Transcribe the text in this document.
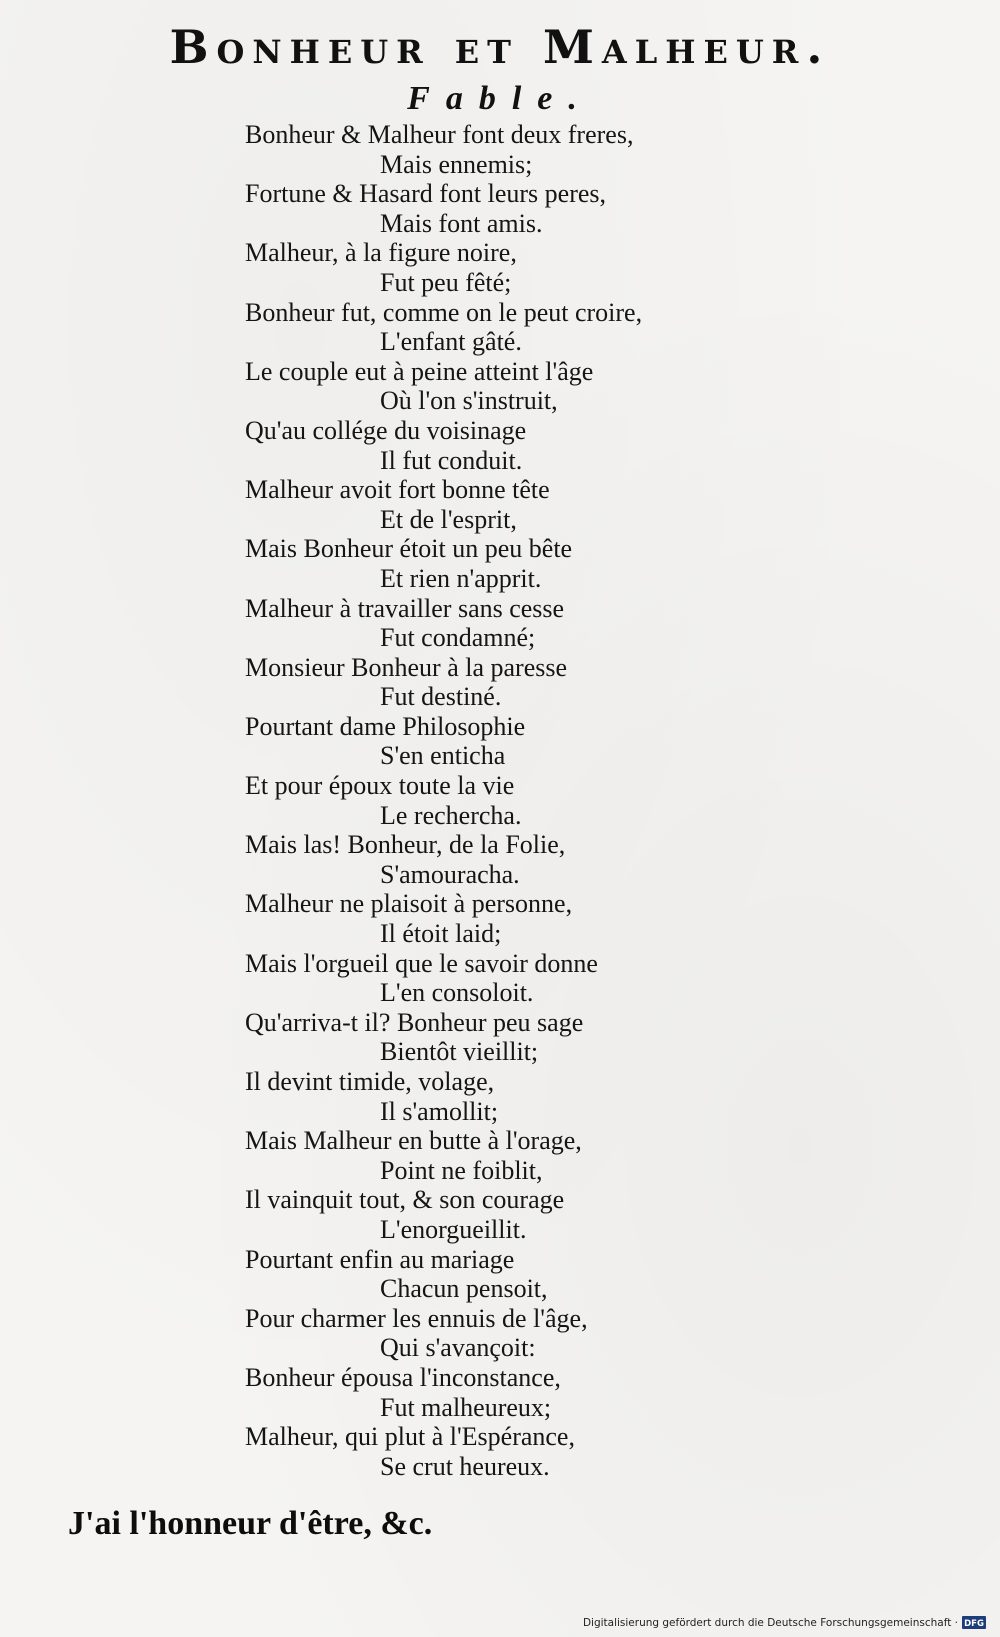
Bonheur et Malheur.
Fable.
Bonheur & Malheur font deux freres,
Mais ennemis;
Fortune & Hasard font leurs peres,
Mais font amis.
Malheur, à la figure noire,
Fut peu fêté;
Bonheur fut, comme on le peut croire,
L'enfant gâté.
Le couple eut à peine atteint l'âge
Où l'on s'instruit,
Qu'au collége du voisinage
Il fut conduit.
Malheur avoit fort bonne tête
Et de l'esprit,
Mais Bonheur étoit un peu bête
Et rien n'apprit.
Malheur à travailler sans cesse
Fut condamné;
Monsieur Bonheur à la paresse
Fut destiné.
Pourtant dame Philosophie
S'en enticha
Et pour époux toute la vie
Le rechercha.
Mais las! Bonheur, de la Folie,
S'amouracha.
Malheur ne plaisoit à personne,
Il étoit laid;
Mais l'orgueil que le savoir donne
L'en consoloit.
Qu'arriva-t il? Bonheur peu sage
Bientôt vieillit;
Il devint timide, volage,
Il s'amollit;
Mais Malheur en butte à l'orage,
Point ne foiblit,
Il vainquit tout, & son courage
L'enorgueillit.
Pourtant enfin au mariage
Chacun pensoit,
Pour charmer les ennuis de l'âge,
Qui s'avançoit:
Bonheur épousa l'inconstance,
Fut malheureux;
Malheur, qui plut à l'Espérance,
Se crut heureux.

J'ai l'honneur d'être, &c.

Digitalisierung gefördert durch die Deutsche Forschungsgemeinschaft · DFG
